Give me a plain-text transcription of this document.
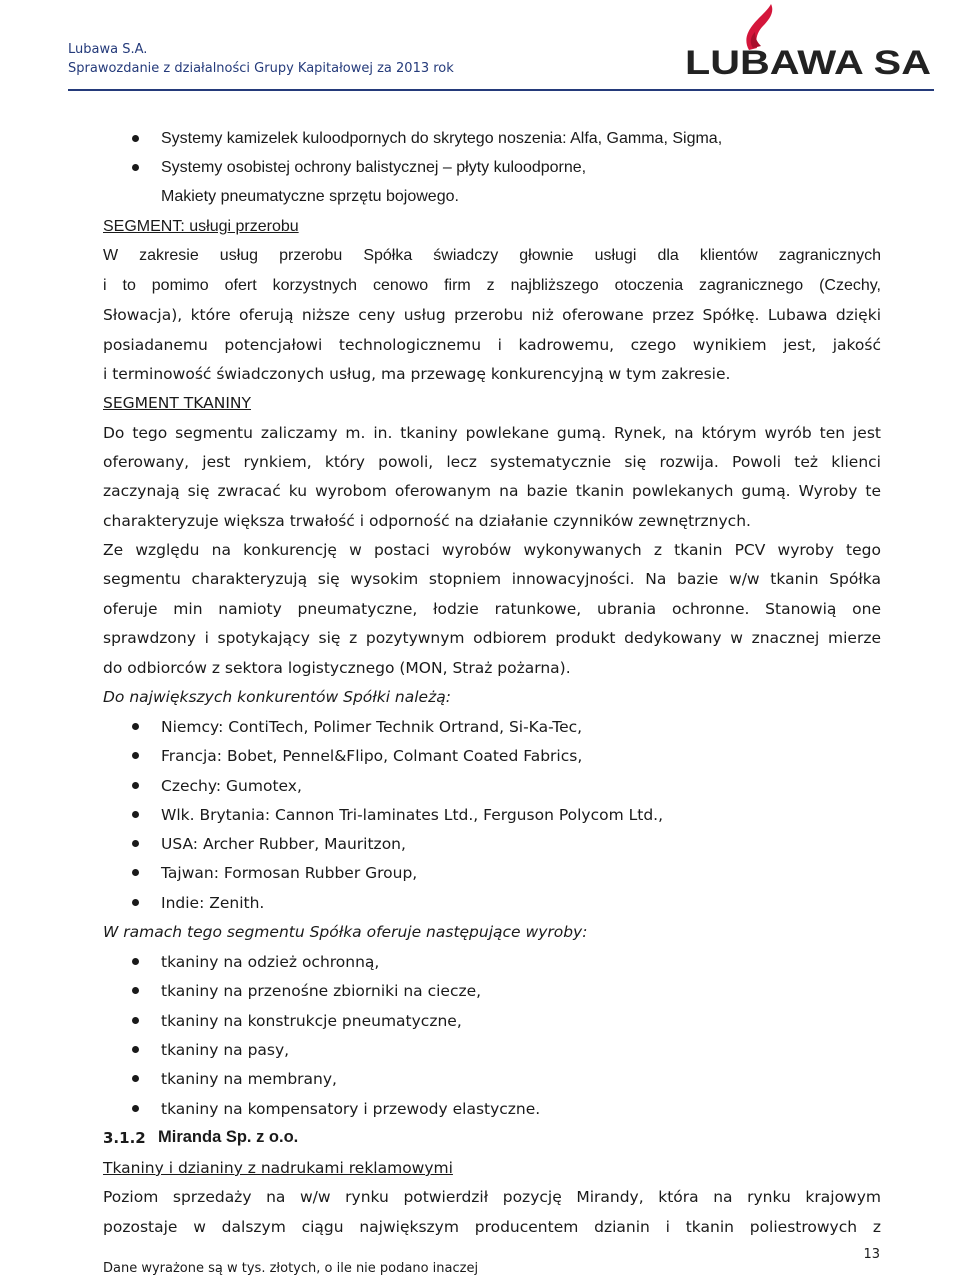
Lubawa S.A.
Sprawozdanie z działalności Grupy Kapitałowej za 2013 rok	LUBAWA SA
Systemy kamizelek kuloodpornych do skrytego noszenia: Alfa, Gamma, Sigma,
Systemy osobistej ochrony balistycznej – płyty kuloodporne,
Makiety pneumatyczne sprzętu bojowego.
SEGMENT: usługi przerobu
W zakresie usług przerobu Spółka świadczy głownie usługi dla klientów zagranicznych
i to pomimo ofert korzystnych cenowo firm z najbliższego otoczenia zagranicznego (Czechy,
Słowacja), które oferują niższe ceny usług przerobu niż oferowane przez Spółkę. Lubawa dzięki
posiadanemu potencjałowi technologicznemu i kadrowemu, czego wynikiem jest, jakość
i terminowość świadczonych usług, ma przewagę konkurencyjną w tym zakresie.
SEGMENT TKANINY
Do tego segmentu zaliczamy m. in. tkaniny powlekane gumą. Rynek, na którym wyrób ten jest
oferowany, jest rynkiem, który powoli, lecz systematycznie się rozwija. Powoli też klienci
zaczynają się zwracać ku wyrobom oferowanym na bazie tkanin powlekanych gumą. Wyroby te
charakteryzuje większa trwałość i odporność na działanie czynników zewnętrznych.
Ze względu na konkurencję w postaci wyrobów wykonywanych z tkanin PCV wyroby tego
segmentu charakteryzują się wysokim stopniem innowacyjności. Na bazie w/w tkanin Spółka
oferuje min namioty pneumatyczne, łodzie ratunkowe, ubrania ochronne. Stanowią one
sprawdzony i spotykający się z pozytywnym odbiorem produkt dedykowany w znacznej mierze
do odbiorców z sektora logistycznego (MON, Straż pożarna).
Do największych konkurentów Spółki należą:
Niemcy: ContiTech, Polimer Technik Ortrand, Si-Ka-Tec,
Francja: Bobet, Pennel&Flipo, Colmant Coated Fabrics,
Czechy: Gumotex,
Wlk. Brytania: Cannon Tri-laminates Ltd., Ferguson Polycom Ltd.,
USA: Archer Rubber, Mauritzon,
Tajwan: Formosan Rubber Group,
Indie: Zenith.
W ramach tego segmentu Spółka oferuje następujące wyroby:
tkaniny na odzież ochronną,
tkaniny na przenośne zbiorniki na ciecze,
tkaniny na konstrukcje pneumatyczne,
tkaniny na pasy,
tkaniny na membrany,
tkaniny na kompensatory i przewody elastyczne.
3.1.2 Miranda Sp. z o.o.
Tkaniny i dzianiny z nadrukami reklamowymi
Poziom sprzedaży na w/w rynku potwierdził pozycję Mirandy, która na rynku krajowym
pozostaje w dalszym ciągu największym producentem dzianin i tkanin poliestrowych z
13
Dane wyrażone są w tys. złotych, o ile nie podano inaczej
